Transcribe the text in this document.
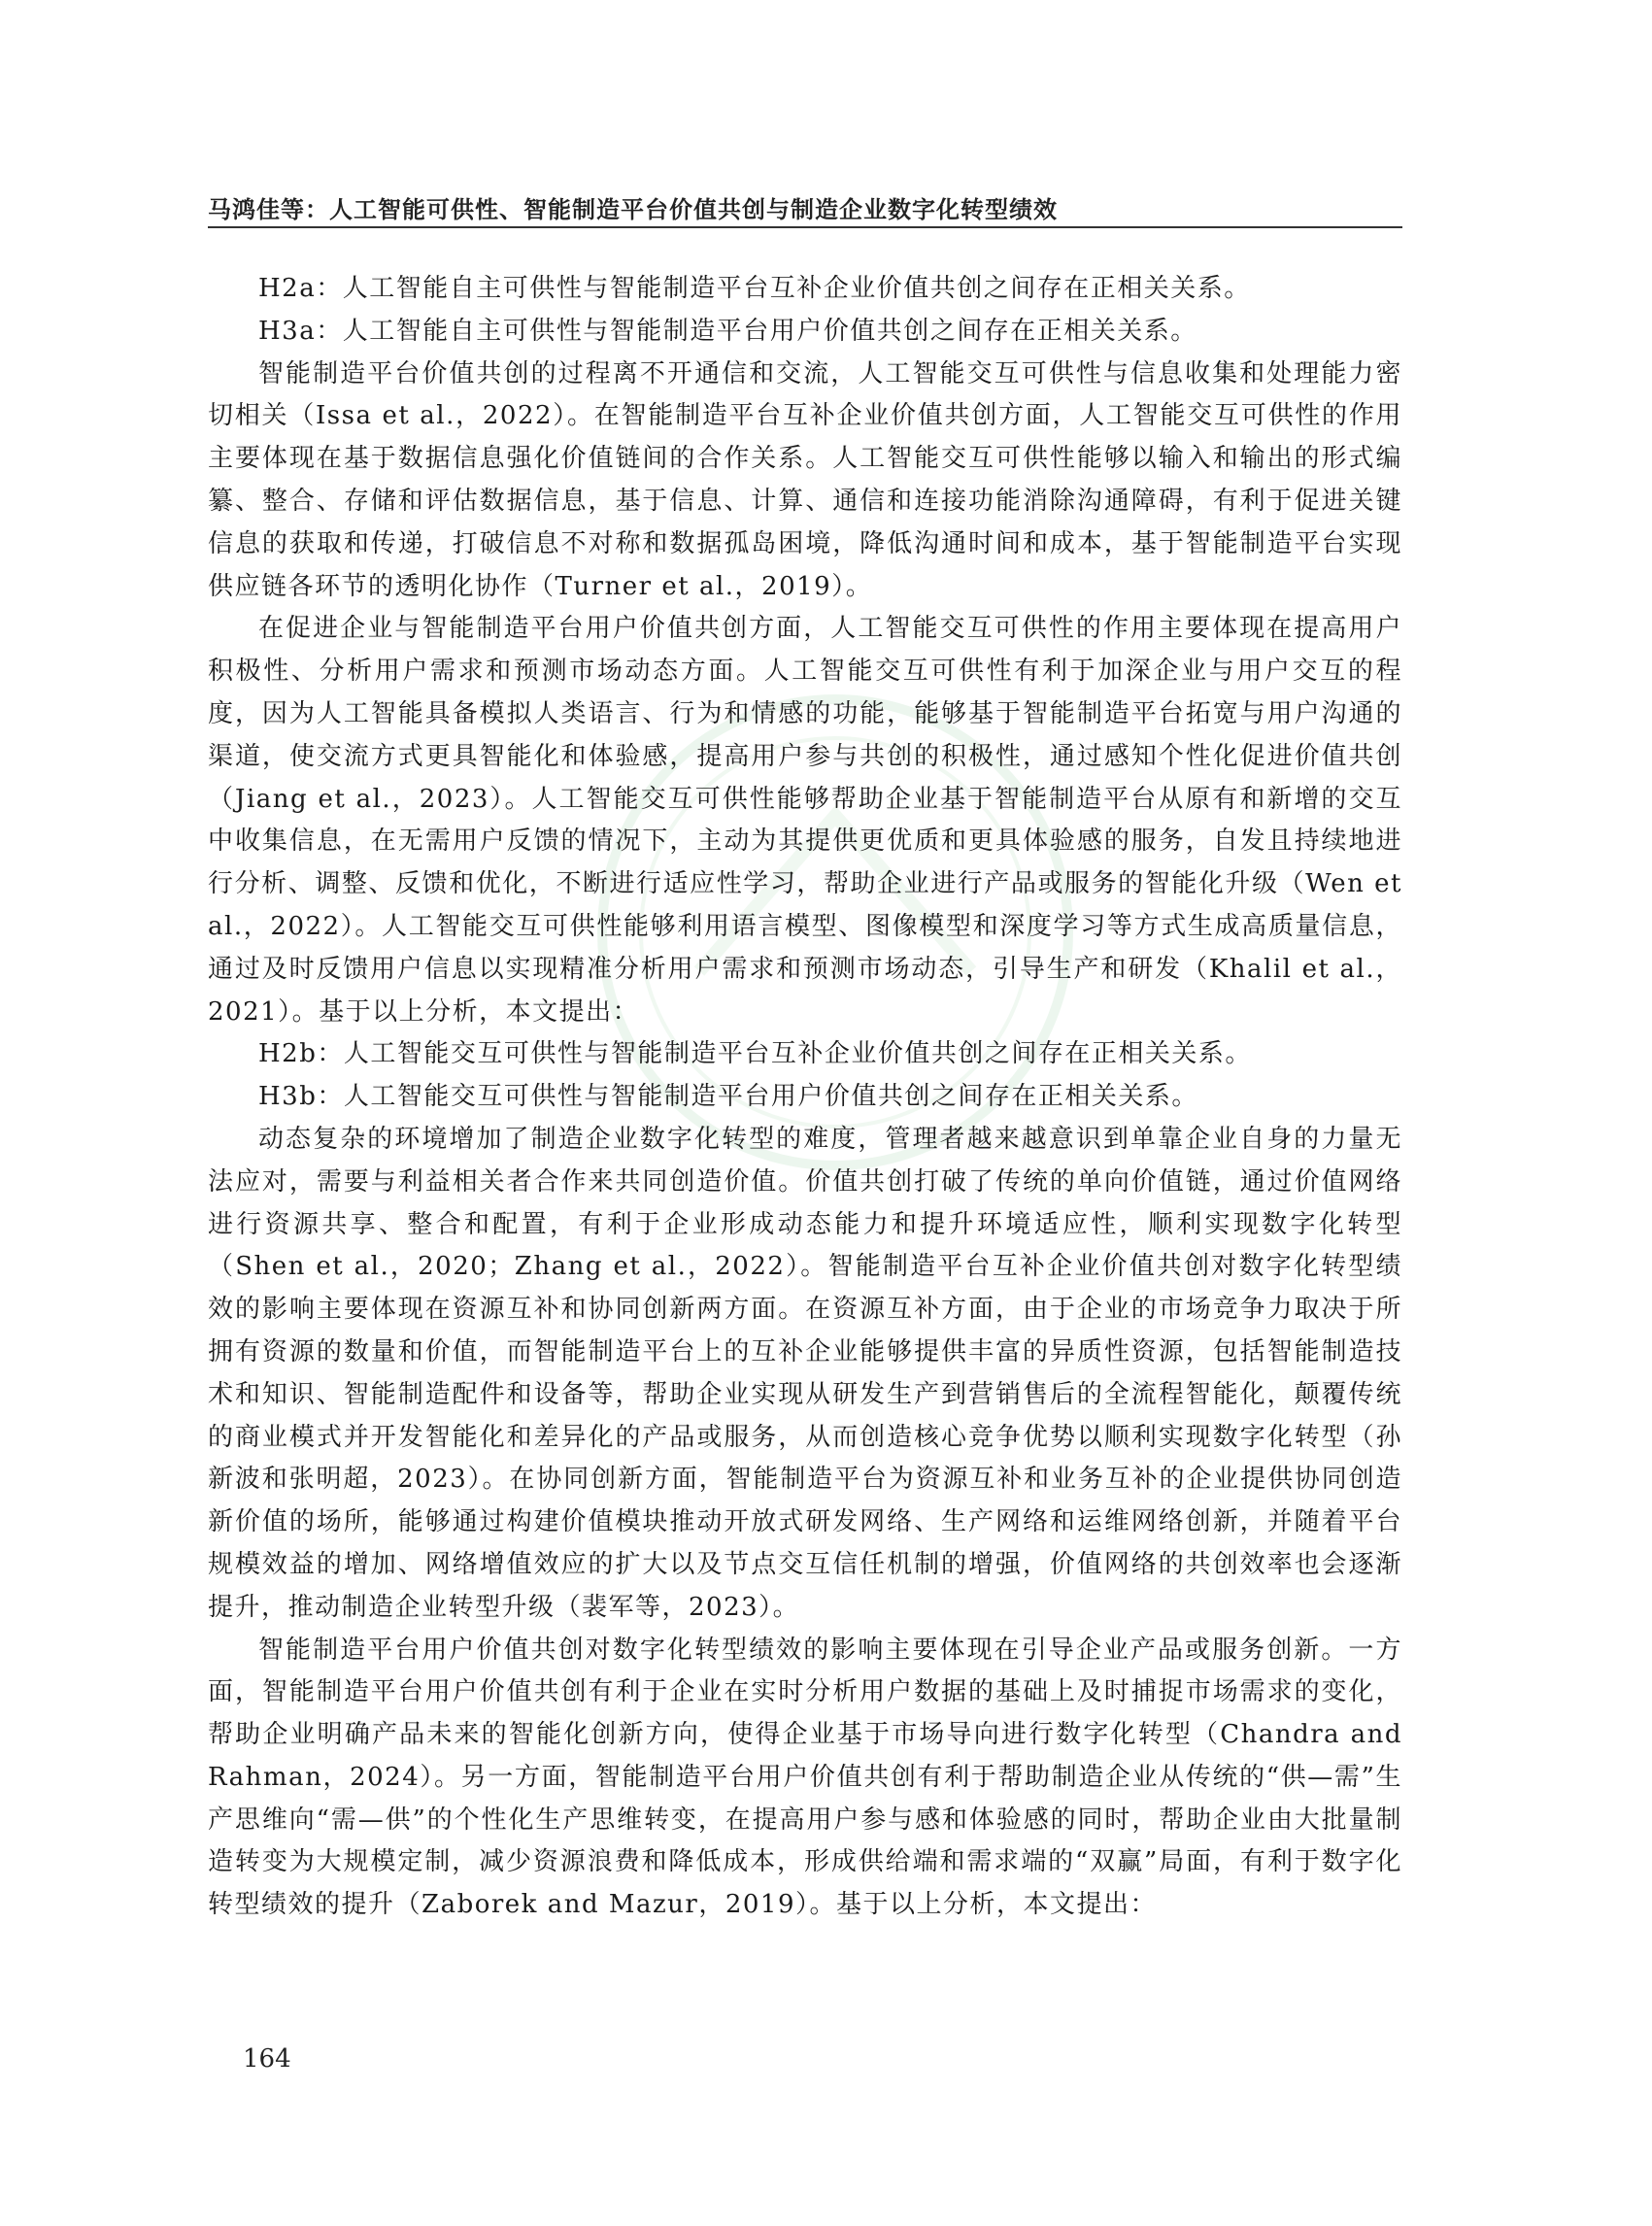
马鸿佳等：人工智能可供性、智能制造平台价值共创与制造企业数字化转型绩效

H2a：人工智能自主可供性与智能制造平台互补企业价值共创之间存在正相关关系。

H3a：人工智能自主可供性与智能制造平台用户价值共创之间存在正相关关系。

智能制造平台价值共创的过程离不开通信和交流，人工智能交互可供性与信息收集和处理能力密切相关（Issa et al.，2022）。在智能制造平台互补企业价值共创方面，人工智能交互可供性的作用主要体现在基于数据信息强化价值链间的合作关系。人工智能交互可供性能够以输入和输出的形式编纂、整合、存储和评估数据信息，基于信息、计算、通信和连接功能消除沟通障碍，有利于促进关键信息的获取和传递，打破信息不对称和数据孤岛困境，降低沟通时间和成本，基于智能制造平台实现供应链各环节的透明化协作（Turner et al.，2019）。

在促进企业与智能制造平台用户价值共创方面，人工智能交互可供性的作用主要体现在提高用户积极性、分析用户需求和预测市场动态方面。人工智能交互可供性有利于加深企业与用户交互的程度，因为人工智能具备模拟人类语言、行为和情感的功能，能够基于智能制造平台拓宽与用户沟通的渠道，使交流方式更具智能化和体验感，提高用户参与共创的积极性，通过感知个性化促进价值共创（Jiang et al.，2023）。人工智能交互可供性能够帮助企业基于智能制造平台从原有和新增的交互中收集信息，在无需用户反馈的情况下，主动为其提供更优质和更具体验感的服务，自发且持续地进行分析、调整、反馈和优化，不断进行适应性学习，帮助企业进行产品或服务的智能化升级（Wen et al.，2022）。人工智能交互可供性能够利用语言模型、图像模型和深度学习等方式生成高质量信息，通过及时反馈用户信息以实现精准分析用户需求和预测市场动态，引导生产和研发（Khalil et al.，2021）。基于以上分析，本文提出：

H2b：人工智能交互可供性与智能制造平台互补企业价值共创之间存在正相关关系。

H3b：人工智能交互可供性与智能制造平台用户价值共创之间存在正相关关系。

动态复杂的环境增加了制造企业数字化转型的难度，管理者越来越意识到单靠企业自身的力量无法应对，需要与利益相关者合作来共同创造价值。价值共创打破了传统的单向价值链，通过价值网络进行资源共享、整合和配置，有利于企业形成动态能力和提升环境适应性，顺利实现数字化转型（Shen et al.，2020；Zhang et al.，2022）。智能制造平台互补企业价值共创对数字化转型绩效的影响主要体现在资源互补和协同创新两方面。在资源互补方面，由于企业的市场竞争力取决于所拥有资源的数量和价值，而智能制造平台上的互补企业能够提供丰富的异质性资源，包括智能制造技术和知识、智能制造配件和设备等，帮助企业实现从研发生产到营销售后的全流程智能化，颠覆传统的商业模式并开发智能化和差异化的产品或服务，从而创造核心竞争优势以顺利实现数字化转型（孙新波和张明超，2023）。在协同创新方面，智能制造平台为资源互补和业务互补的企业提供协同创造新价值的场所，能够通过构建价值模块推动开放式研发网络、生产网络和运维网络创新，并随着平台规模效益的增加、网络增值效应的扩大以及节点交互信任机制的增强，价值网络的共创效率也会逐渐提升，推动制造企业转型升级（裴军等，2023）。

智能制造平台用户价值共创对数字化转型绩效的影响主要体现在引导企业产品或服务创新。一方面，智能制造平台用户价值共创有利于企业在实时分析用户数据的基础上及时捕捉市场需求的变化，帮助企业明确产品未来的智能化创新方向，使得企业基于市场导向进行数字化转型（Chandra and Rahman，2024）。另一方面，智能制造平台用户价值共创有利于帮助制造企业从传统的“供—需”生产思维向“需—供”的个性化生产思维转变，在提高用户参与感和体验感的同时，帮助企业由大批量制造转变为大规模定制，减少资源浪费和降低成本，形成供给端和需求端的“双赢”局面，有利于数字化转型绩效的提升（Zaborek and Mazur，2019）。基于以上分析，本文提出：

164
